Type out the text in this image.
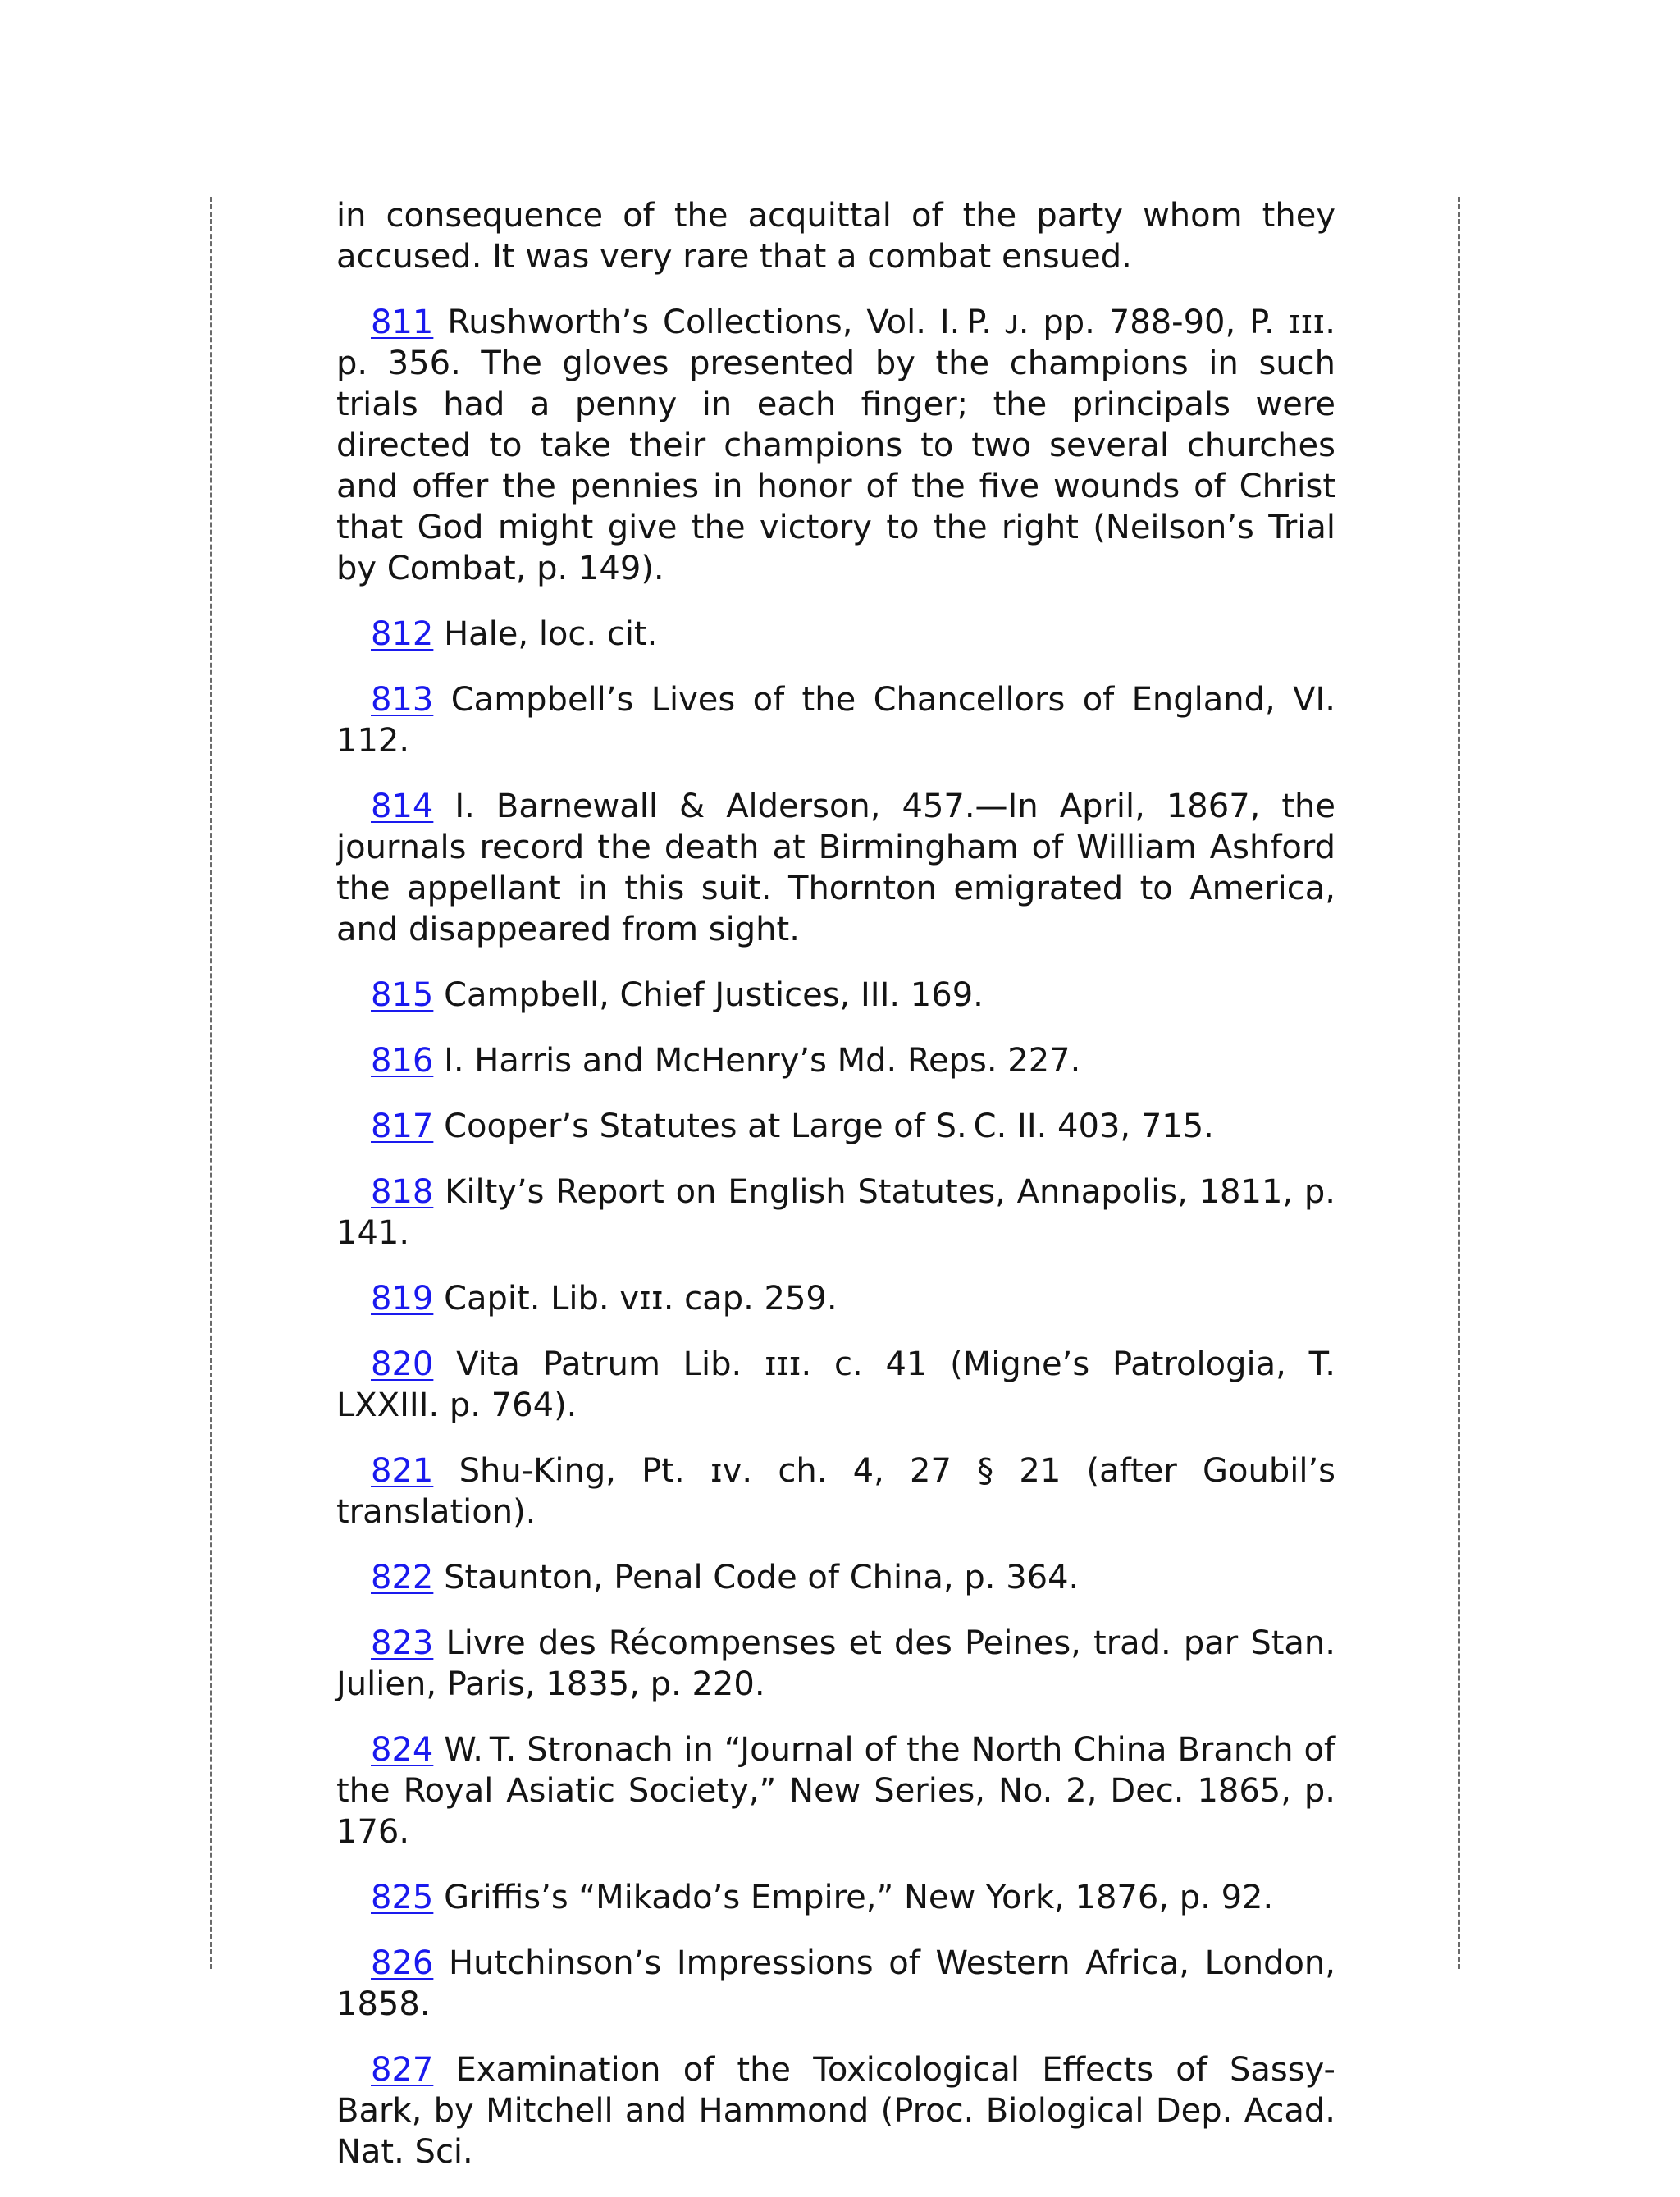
in consequence of the acquittal of the party whom they accused. It was very rare that a combat ensued.

811 Rushworth’s Collections, Vol. I. P. ᴊ. pp. 788-90, P. ɪɪɪ. p. 356. The gloves presented by the champions in such trials had a penny in each finger; the principals were directed to take their champions to two several churches and offer the pennies in honor of the five wounds of Christ that God might give the victory to the right (Neilson’s Trial by Combat, p. 149).

812 Hale, loc. cit.

813 Campbell’s Lives of the Chancellors of England, VI. 112.

814 I. Barnewall & Alderson, 457.—In April, 1867, the journals record the death at Birmingham of William Ashford the appellant in this suit. Thornton emigrated to America, and disappeared from sight.

815 Campbell, Chief Justices, III. 169.

816 I. Harris and McHenry’s Md. Reps. 227.

817 Cooper’s Statutes at Large of S. C. II. 403, 715.

818 Kilty’s Report on English Statutes, Annapolis, 1811, p. 141.

819 Capit. Lib. ᴠɪɪ. cap. 259.

820 Vita Patrum Lib. ɪɪɪ. c. 41 (Migne’s Patrologia, T. LXXIII. p. 764).

821 Shu-King, Pt. ɪᴠ. ch. 4, 27 § 21 (after Goubil’s translation).

822 Staunton, Penal Code of China, p. 364.

823 Livre des Récompenses et des Peines, trad. par Stan. Julien, Paris, 1835, p. 220.

824 W. T. Stronach in “Journal of the North China Branch of the Royal Asiatic Society,” New Series, No. 2, Dec. 1865, p. 176.

825 Griffis’s “Mikado’s Empire,” New York, 1876, p. 92.

826 Hutchinson’s Impressions of Western Africa, London, 1858.

827 Examination of the Toxicological Effects of Sassy-Bark, by Mitchell and Hammond (Proc. Biological Dep. Acad. Nat. Sci.
